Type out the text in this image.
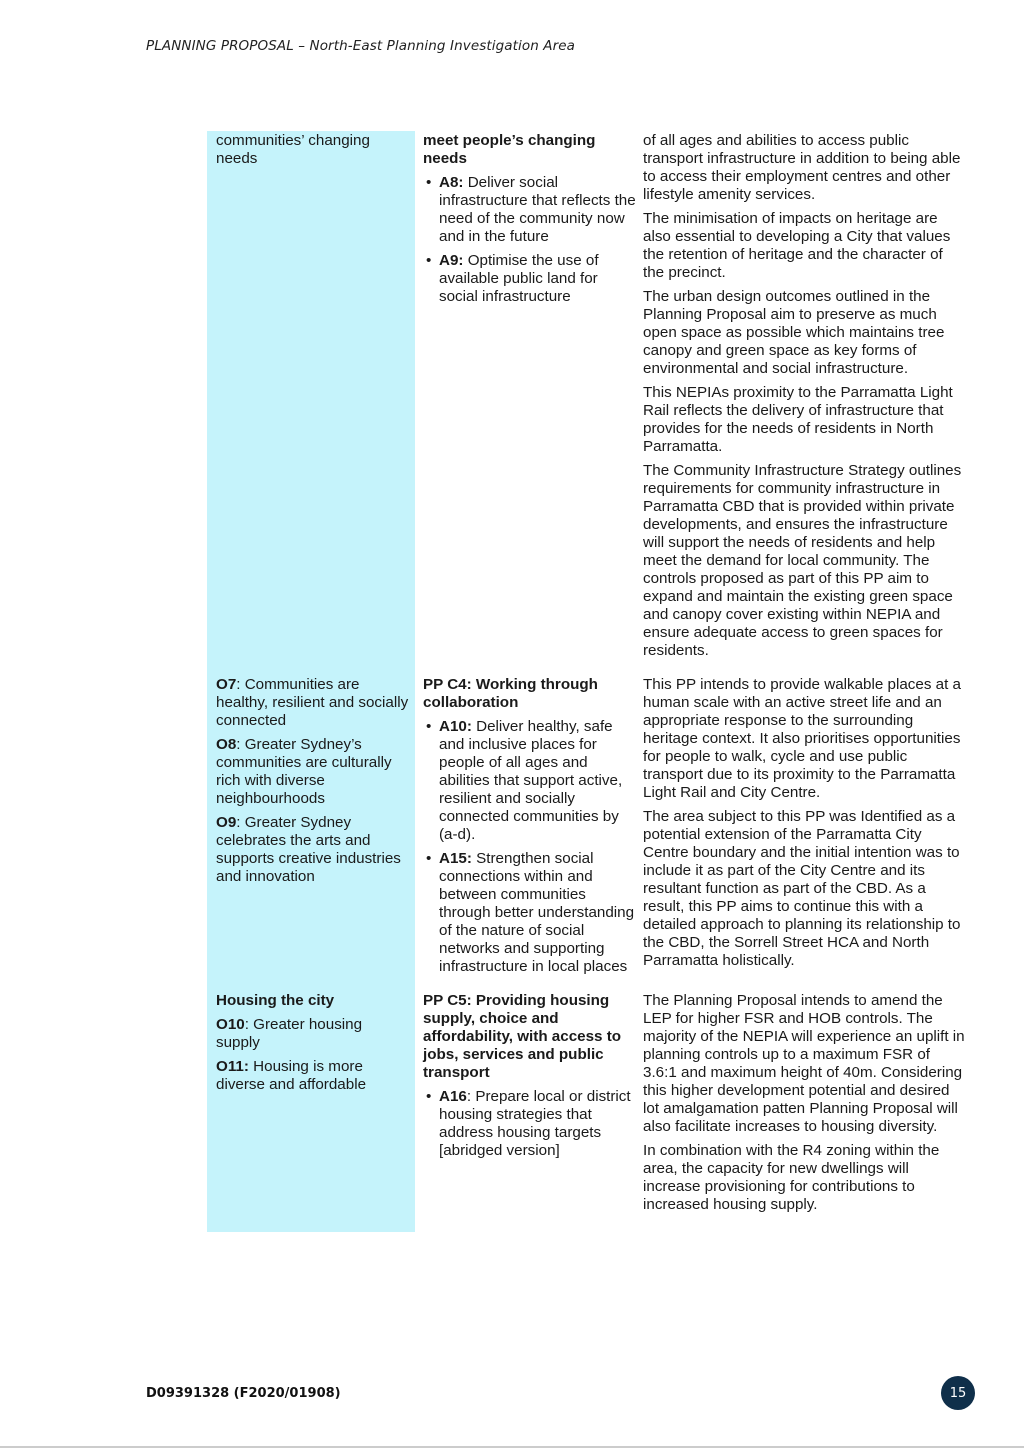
PLANNING PROPOSAL – North-East Planning Investigation Area

communities’ changing needs

meet people’s changing needs
• A8: Deliver social infrastructure that reflects the need of the community now and in the future
• A9: Optimise the use of available public land for social infrastructure

of all ages and abilities to access public transport infrastructure in addition to being able to access their employment centres and other lifestyle amenity services.

The minimisation of impacts on heritage are also essential to developing a City that values the retention of heritage and the character of the precinct.

The urban design outcomes outlined in the Planning Proposal aim to preserve as much open space as possible which maintains tree canopy and green space as key forms of environmental and social infrastructure.

This NEPIAs proximity to the Parramatta Light Rail reflects the delivery of infrastructure that provides for the needs of residents in North Parramatta.

The Community Infrastructure Strategy outlines requirements for community infrastructure in Parramatta CBD that is provided within private developments, and ensures the infrastructure will support the needs of residents and help meet the demand for local community. The controls proposed as part of this PP aim to expand and maintain the existing green space and canopy cover existing within NEPIA and ensure adequate access to green spaces for residents.

O7: Communities are healthy, resilient and socially connected

O8: Greater Sydney’s communities are culturally rich with diverse neighbourhoods

O9: Greater Sydney celebrates the arts and supports creative industries and innovation

PP C4: Working through collaboration
• A10: Deliver healthy, safe and inclusive places for people of all ages and abilities that support active, resilient and socially connected communities by (a-d).
• A15: Strengthen social connections within and between communities through better understanding of the nature of social networks and supporting infrastructure in local places

This PP intends to provide walkable places at a human scale with an active street life and an appropriate response to the surrounding heritage context. It also prioritises opportunities for people to walk, cycle and use public transport due to its proximity to the Parramatta Light Rail and City Centre.

The area subject to this PP was Identified as a potential extension of the Parramatta City Centre boundary and the initial intention was to include it as part of the City Centre and its resultant function as part of the CBD. As a result, this PP aims to continue this with a detailed approach to planning its relationship to the CBD, the Sorrell Street HCA and North Parramatta holistically.

Housing the city

O10: Greater housing supply

O11: Housing is more diverse and affordable

PP C5: Providing housing supply, choice and affordability, with access to jobs, services and public transport
• A16: Prepare local or district housing strategies that address housing targets [abridged version]

The Planning Proposal intends to amend the LEP for higher FSR and HOB controls. The majority of the NEPIA will experience an uplift in planning controls up to a maximum FSR of 3.6:1 and maximum height of 40m. Considering this higher development potential and desired lot amalgamation patten Planning Proposal will also facilitate increases to housing diversity.

In combination with the R4 zoning within the area, the capacity for new dwellings will increase provisioning for contributions to increased housing supply.

D09391328 (F2020/01908)	15
